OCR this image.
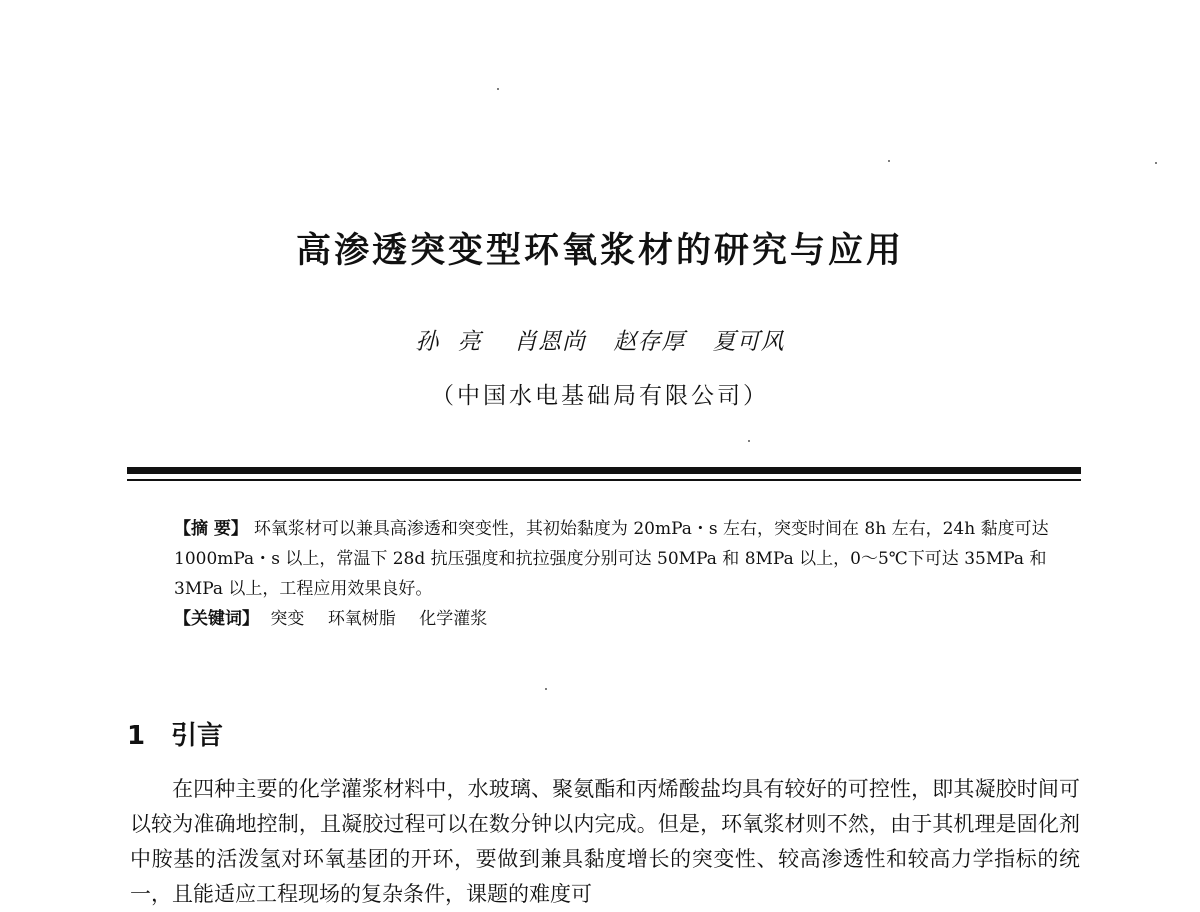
高渗透突变型环氧浆材的研究与应用
孙 亮 肖恩尚 赵存厚 夏可风
（中国水电基础局有限公司）

【摘 要】 环氧浆材可以兼具高渗透和突变性，其初始黏度为 20mPa・s 左右，突变时间在 8h 左右，24h 黏度可达 1000mPa・s 以上，常温下 28d 抗压强度和抗拉强度分别可达 50MPa 和 8MPa 以上，0～5℃下可达 35MPa 和 3MPa 以上，工程应用效果良好。

【关键词】 突变 环氧树脂 化学灌浆

1 引言

在四种主要的化学灌浆材料中，水玻璃、聚氨酯和丙烯酸盐均具有较好的可控性，即其凝胶时间可以较为准确地控制，且凝胶过程可以在数分钟以内完成。但是，环氧浆材则不然，由于其机理是固化剂中胺基的活泼氢对环氧基团的开环，要做到兼具黏度增长的突变性、较高渗透性和较高力学指标的统一，且能适应工程现场的复杂条件，课题的难度可
